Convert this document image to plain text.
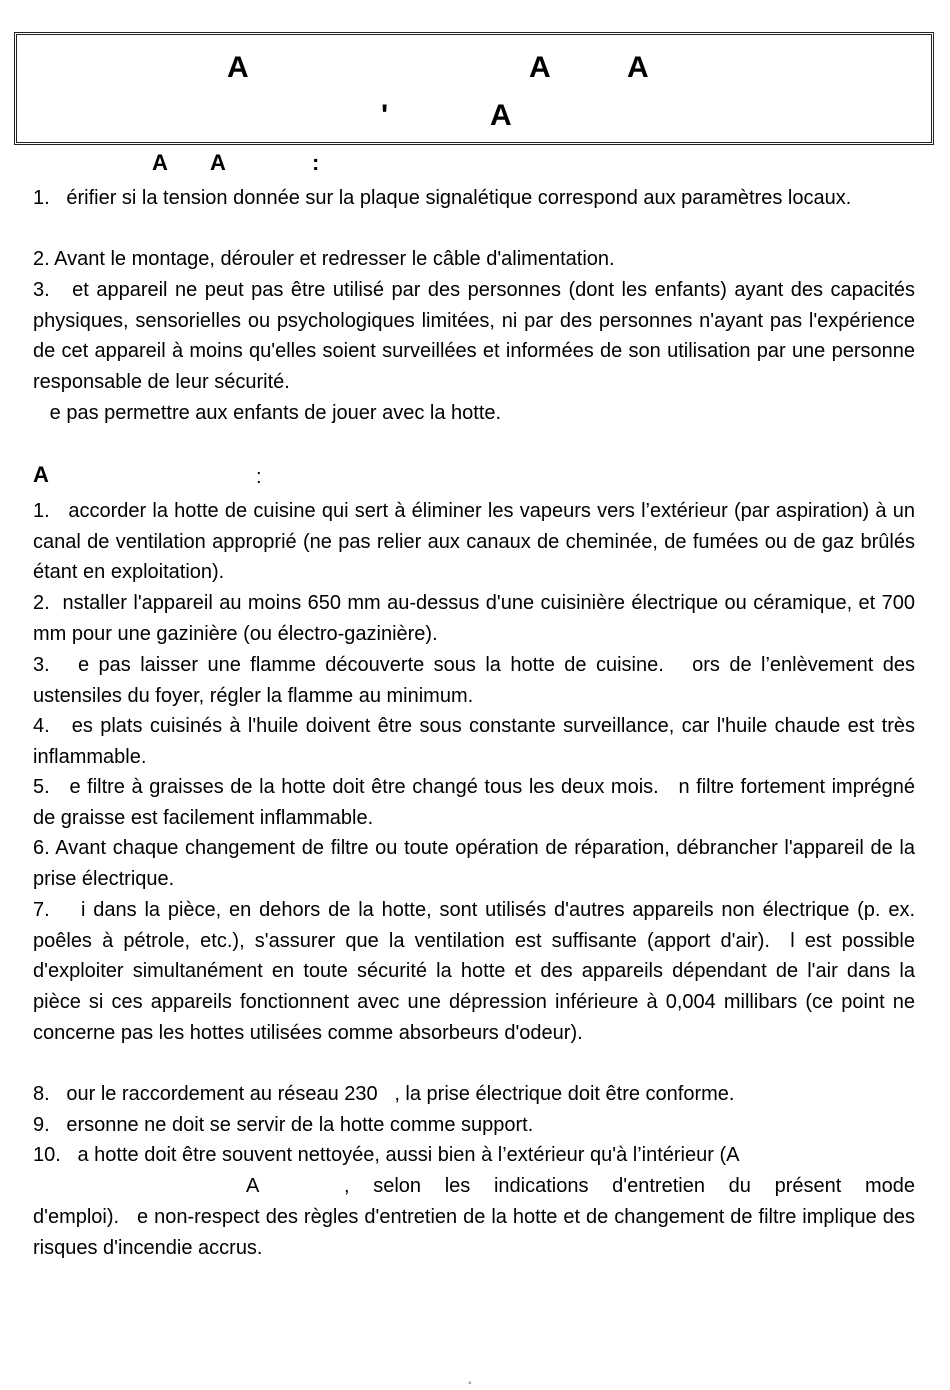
A	A	A
'	A
A A	:
1.   érifier si la tension donnée sur la plaque signalétique correspond aux paramètres locaux.
2. Avant le montage, dérouler et redresser le câble d'alimentation.
3.   et appareil ne peut pas être utilisé par des personnes (dont les enfants) ayant des capacités physiques, sensorielles ou psychologiques limitées, ni par des personnes n'ayant pas l'expérience de cet appareil à moins qu'elles soient surveillées et informées de son utilisation par une personne responsable de leur sécurité.
e pas permettre aux enfants de jouer avec la hotte.
A	:
1.   accorder la hotte de cuisine qui sert à éliminer les vapeurs vers l’extérieur (par aspiration) à un canal de ventilation approprié (ne pas relier aux canaux de cheminée, de fumées ou de gaz brûlés étant en exploitation).
2.  nstaller l'appareil au moins 650 mm au-dessus d'une cuisinière électrique ou céramique, et 700 mm pour une gazinière (ou électro-gazinière).
3.   e pas laisser une flamme découverte sous la hotte de cuisine.   ors de l’enlèvement des ustensiles du foyer, régler la flamme au minimum.
4.   es plats cuisinés à l'huile doivent être sous constante surveillance, car l'huile chaude est très inflammable.
5.   e filtre à graisses de la hotte doit être changé tous les deux mois.   n filtre fortement imprégné de graisse est facilement inflammable.
6. Avant chaque changement de filtre ou toute opération de réparation, débrancher l'appareil de la prise électrique.
7.    i dans la pièce, en dehors de la hotte, sont utilisés d'autres appareils non électrique (p. ex. poêles à pétrole, etc.), s'assurer que la ventilation est suffisante (apport d'air).  l est possible d'exploiter simultanément en toute sécurité la hotte et des appareils dépendant de l'air dans la pièce si ces appareils fonctionnent avec une dépression inférieure à 0,004 millibars (ce point ne concerne pas les hottes utilisées comme absorbeurs d'odeur).
8.   our le raccordement au réseau 230   , la prise électrique doit être conforme.
9.   ersonne ne doit se servir de la hotte comme support.
10.   a hotte doit être souvent nettoyée, aussi bien à l’extérieur qu'à l’intérieur (A
A	, selon les indications d'entretien du présent mode
d'emploi).   e non-respect des règles d'entretien de la hotte et de changement de filtre implique des risques d'incendie accrus.
°
